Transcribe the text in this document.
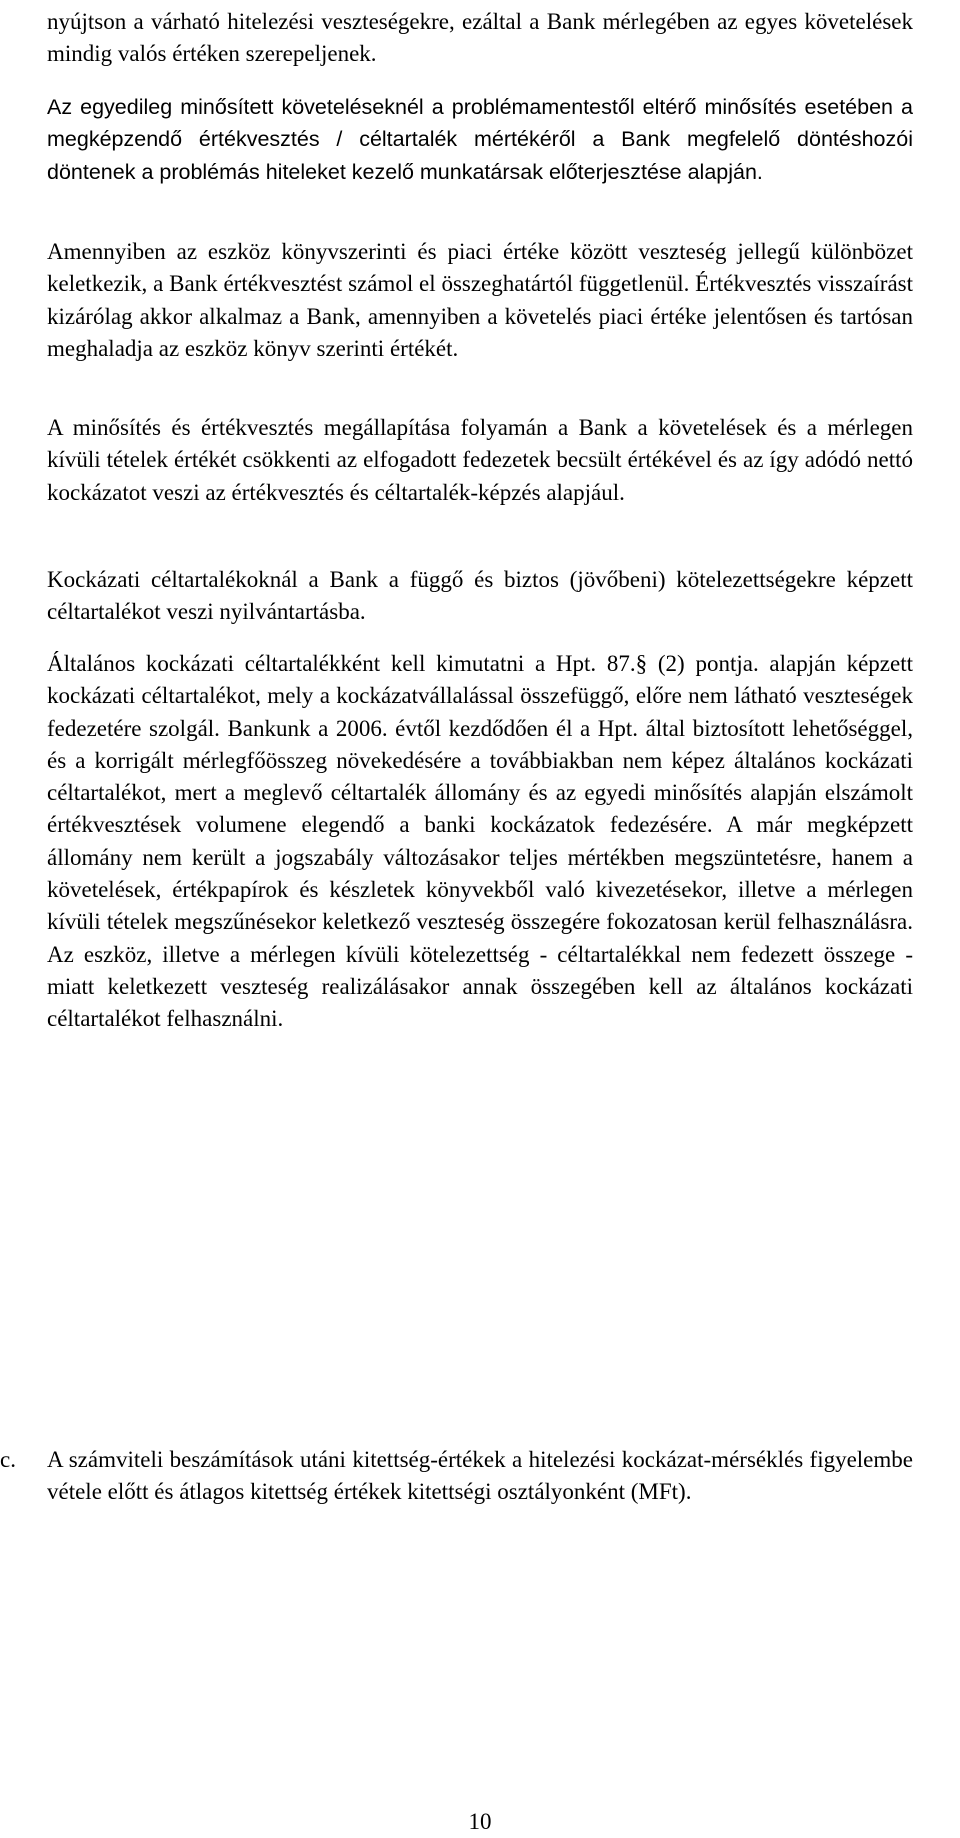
nyújtson a várható hitelezési veszteségekre, ezáltal a Bank mérlegében az egyes követelések mindig valós értéken szerepeljenek.

Az egyedileg minősített követeléseknél a problémamentestől eltérő minősítés esetében a megképzendő értékvesztés / céltartalék mértékéről a Bank megfelelő döntéshozói döntenek a problémás hiteleket kezelő munkatársak előterjesztése alapján.

Amennyiben az eszköz könyvszerinti és piaci értéke között veszteség jellegű különbözet keletkezik, a Bank értékvesztést számol el összeghatártól függetlenül. Értékvesztés visszaírást kizárólag akkor alkalmaz a Bank, amennyiben a követelés piaci értéke jelentősen és tartósan meghaladja az eszköz könyv szerinti értékét.

A minősítés és értékvesztés megállapítása folyamán a Bank a követelések és a mérlegen kívüli tételek értékét csökkenti az elfogadott fedezetek becsült értékével és az így adódó nettó kockázatot veszi az értékvesztés és céltartalék-képzés alapjául.

Kockázati céltartalékoknál a Bank a függő és biztos (jövőbeni) kötelezettségekre képzett céltartalékot veszi nyilvántartásba.

Általános kockázati céltartalékként kell kimutatni a Hpt. 87.§ (2) pontja. alapján képzett kockázati céltartalékot, mely a kockázatvállalással összefüggő, előre nem látható veszteségek fedezetére szolgál. Bankunk a 2006. évtől kezdődően él a Hpt. által biztosított lehetőséggel, és a korrigált mérlegfőösszeg növekedésére a továbbiakban nem képez általános kockázati céltartalékot, mert a meglevő céltartalék állomány és az egyedi minősítés alapján elszámolt értékvesztések volumene elegendő a banki kockázatok fedezésére. A már megképzett állomány nem került a jogszabály változásakor teljes mértékben megszüntetésre, hanem a követelések, értékpapírok és készletek könyvekből való kivezetésekor, illetve a mérlegen kívüli tételek megszűnésekor keletkező veszteség összegére fokozatosan kerül felhasználásra. Az eszköz, illetve a mérlegen kívüli kötelezettség - céltartalékkal nem fedezett összege - miatt keletkezett veszteség realizálásakor annak összegében kell az általános kockázati céltartalékot felhasználni.

c. A számviteli beszámítások utáni kitettség-értékek a hitelezési kockázat-mérséklés figyelembe vétele előtt és átlagos kitettség értékek kitettségi osztályonként (MFt).

10
